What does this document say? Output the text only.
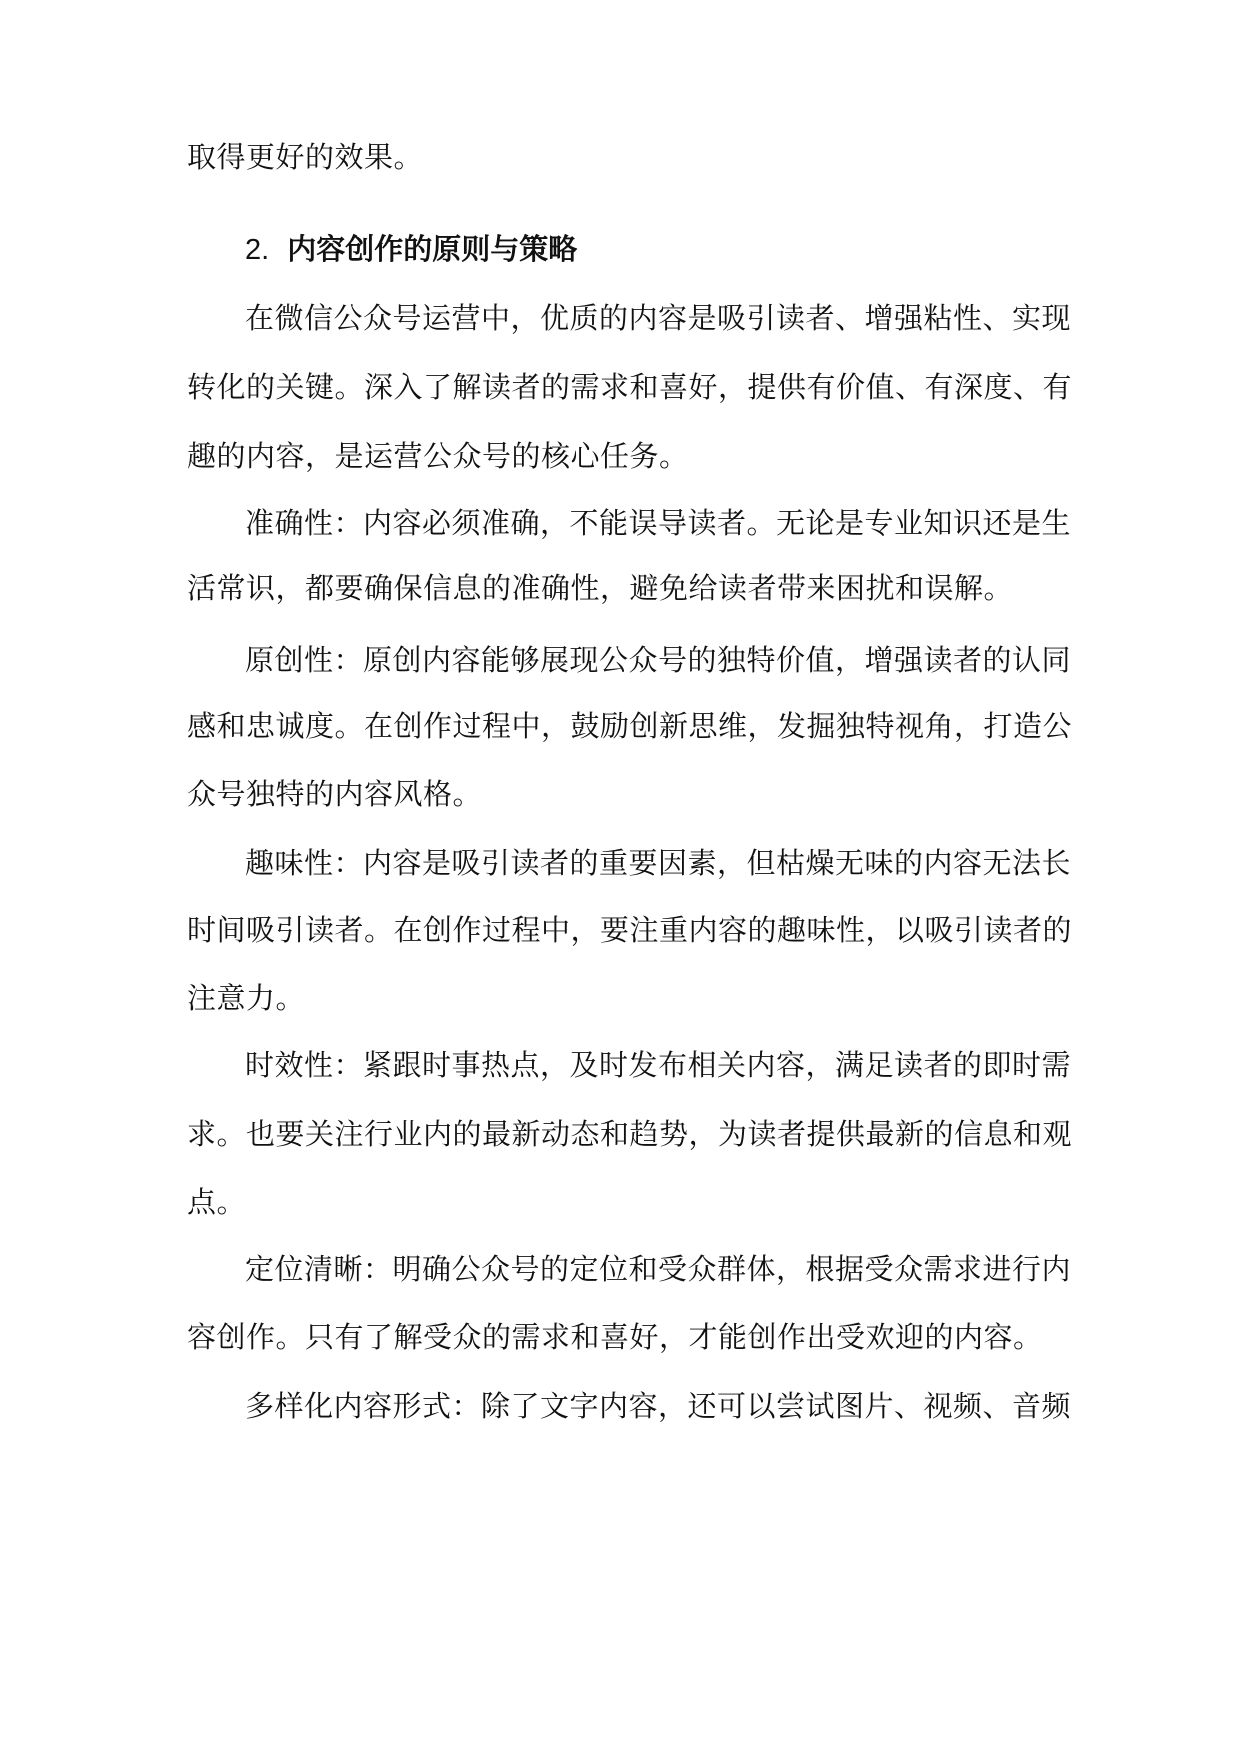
取得更好的效果。
2. 内容创作的原则与策略
在微信公众号运营中，优质的内容是吸引读者、增强粘性、实现
转化的关键。深入了解读者的需求和喜好，提供有价值、有深度、有
趣的内容，是运营公众号的核心任务。
准确性：内容必须准确，不能误导读者。无论是专业知识还是生
活常识，都要确保信息的准确性，避免给读者带来困扰和误解。
原创性：原创内容能够展现公众号的独特价值，增强读者的认同
感和忠诚度。在创作过程中，鼓励创新思维，发掘独特视角，打造公
众号独特的内容风格。
趣味性：内容是吸引读者的重要因素，但枯燥无味的内容无法长
时间吸引读者。在创作过程中，要注重内容的趣味性，以吸引读者的
注意力。
时效性：紧跟时事热点，及时发布相关内容，满足读者的即时需
求。也要关注行业内的最新动态和趋势，为读者提供最新的信息和观
点。
定位清晰：明确公众号的定位和受众群体，根据受众需求进行内
容创作。只有了解受众的需求和喜好，才能创作出受欢迎的内容。
多样化内容形式：除了文字内容，还可以尝试图片、视频、音频
